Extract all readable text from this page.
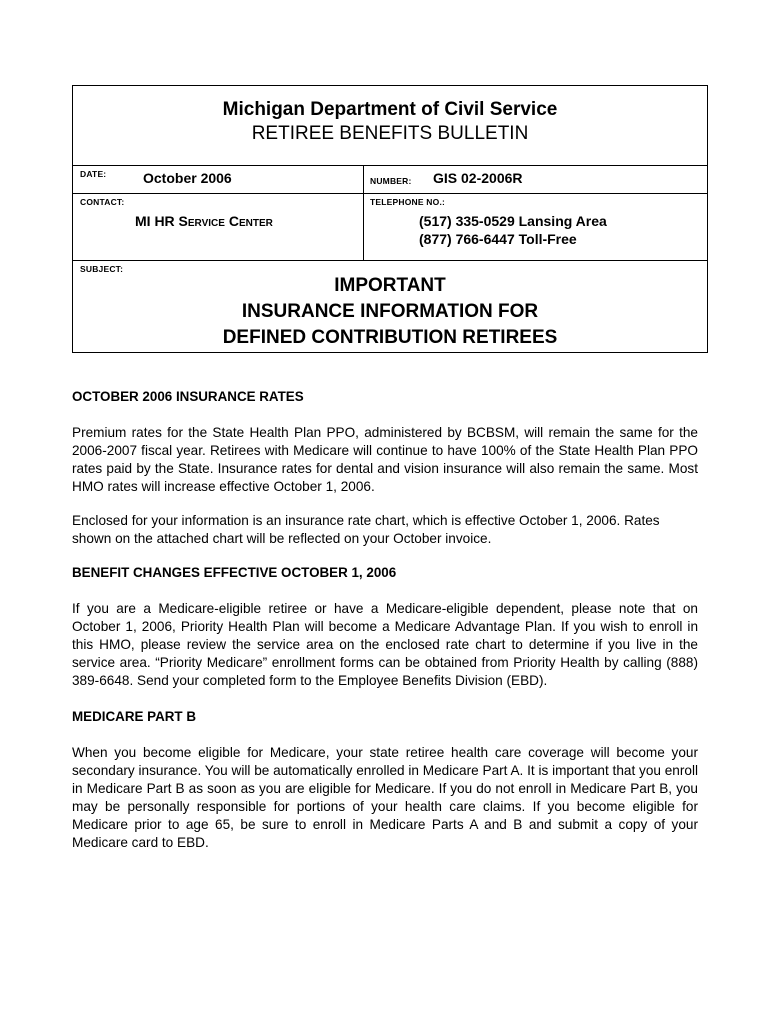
Michigan Department of Civil Service
RETIREE BENEFITS BULLETIN
DATE:	October 2006	NUMBER: GIS 02-2006R
CONTACT:
MI HR Service Center
TELEPHONE NO.:
(517) 335-0529 Lansing Area
(877) 766-6447 Toll-Free
SUBJECT:
IMPORTANT
INSURANCE INFORMATION FOR
DEFINED CONTRIBUTION RETIREES
OCTOBER 2006 INSURANCE RATES

Premium rates for the State Health Plan PPO, administered by BCBSM, will remain the same for the 2006-2007 fiscal year. Retirees with Medicare will continue to have 100% of the State Health Plan PPO rates paid by the State. Insurance rates for dental and vision insurance will also remain the same. Most HMO rates will increase effective October 1, 2006.

Enclosed for your information is an insurance rate chart, which is effective October 1, 2006. Rates shown on the attached chart will be reflected on your October invoice.

BENEFIT CHANGES EFFECTIVE OCTOBER 1, 2006

If you are a Medicare-eligible retiree or have a Medicare-eligible dependent, please note that on October 1, 2006, Priority Health Plan will become a Medicare Advantage Plan. If you wish to enroll in this HMO, please review the service area on the enclosed rate chart to determine if you live in the service area. “Priority Medicare” enrollment forms can be obtained from Priority Health by calling (888) 389-6648. Send your completed form to the Employee Benefits Division (EBD).

MEDICARE PART B

When you become eligible for Medicare, your state retiree health care coverage will become your secondary insurance. You will be automatically enrolled in Medicare Part A. It is important that you enroll in Medicare Part B as soon as you are eligible for Medicare. If you do not enroll in Medicare Part B, you may be personally responsible for portions of your health care claims. If you become eligible for Medicare prior to age 65, be sure to enroll in Medicare Parts A and B and submit a copy of your Medicare card to EBD.
